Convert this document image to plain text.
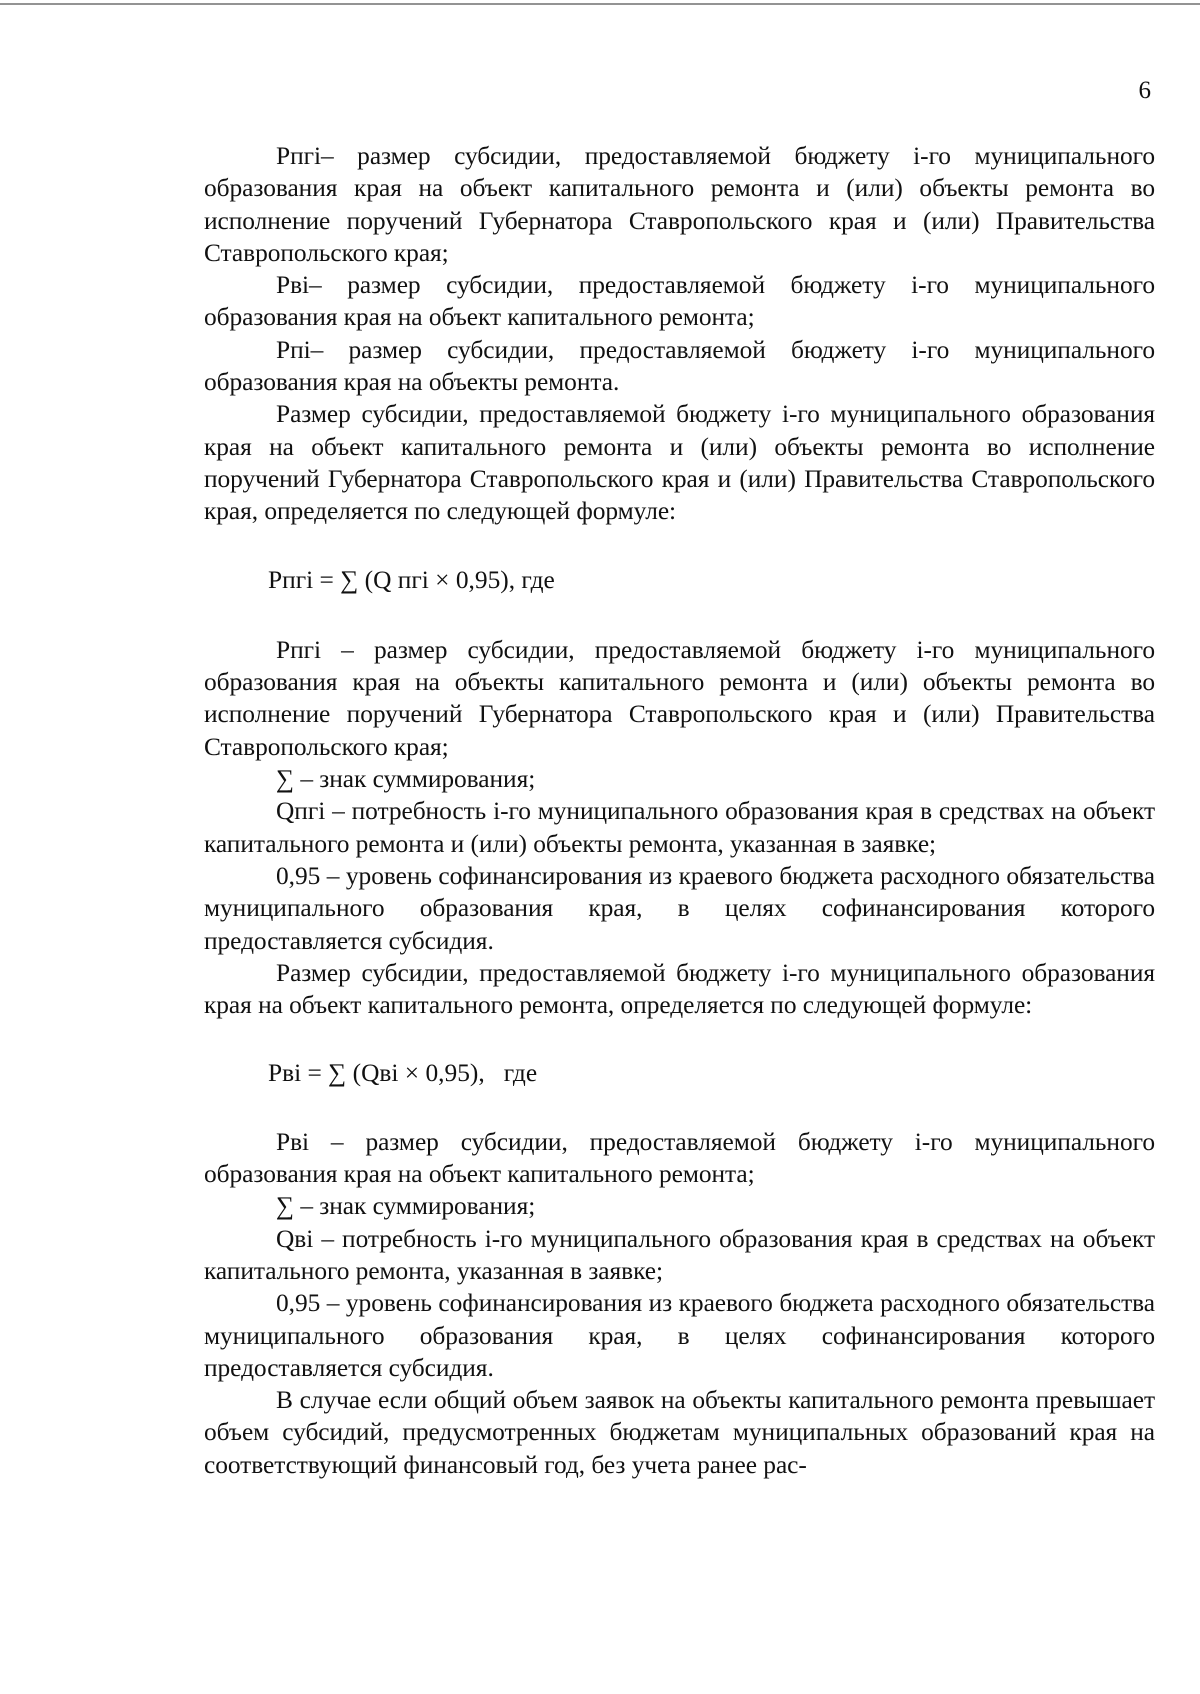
6

Pпгi– размер субсидии, предоставляемой бюджету i-го муниципального образования края на объект капитального ремонта и (или) объекты ремонта во исполнение поручений Губернатора Ставропольского края и (или) Правительства Ставропольского края;

Рвi– размер субсидии, предоставляемой бюджету i-го муниципального образования края на объект капитального ремонта;

Рпi– размер субсидии, предоставляемой бюджету i-го муниципального образования края на объекты ремонта.

Размер субсидии, предоставляемой бюджету i-го муниципального образования края на объект капитального ремонта и (или) объекты ремонта во исполнение поручений Губернатора Ставропольского края и (или) Правительства Ставропольского края, определяется по следующей формуле:

Pпгi = ∑ (Q пгi × 0,95), где

Рпгi – размер субсидии, предоставляемой бюджету i-го муниципального образования края на объекты капитального ремонта и (или) объекты ремонта во исполнение поручений Губернатора Ставропольского края и (или) Правительства Ставропольского края;

∑ – знак суммирования;

Qпгi – потребность i-го муниципального образования края в средствах на объект капитального ремонта и (или) объекты ремонта, указанная в заявке;

0,95 – уровень софинансирования из краевого бюджета расходного обязательства муниципального образования края, в целях софинансирования которого предоставляется субсидия.

Размер субсидии, предоставляемой бюджету i-го муниципального образования края на объект капитального ремонта, определяется по следующей формуле:

Рвi = ∑ (Qвi × 0,95),   где

Рвi – размер субсидии, предоставляемой бюджету i-го муниципального образования края на объект капитального ремонта;

∑ – знак суммирования;

Qвi – потребность i-го муниципального образования края в средствах на объект капитального ремонта, указанная в заявке;

0,95 – уровень софинансирования из краевого бюджета расходного обязательства муниципального образования края, в целях софинансирования которого предоставляется субсидия.

В случае если общий объем заявок на объекты капитального ремонта превышает объем субсидий, предусмотренных бюджетам муниципальных образований края на соответствующий финансовый год, без учета ранее рас-
